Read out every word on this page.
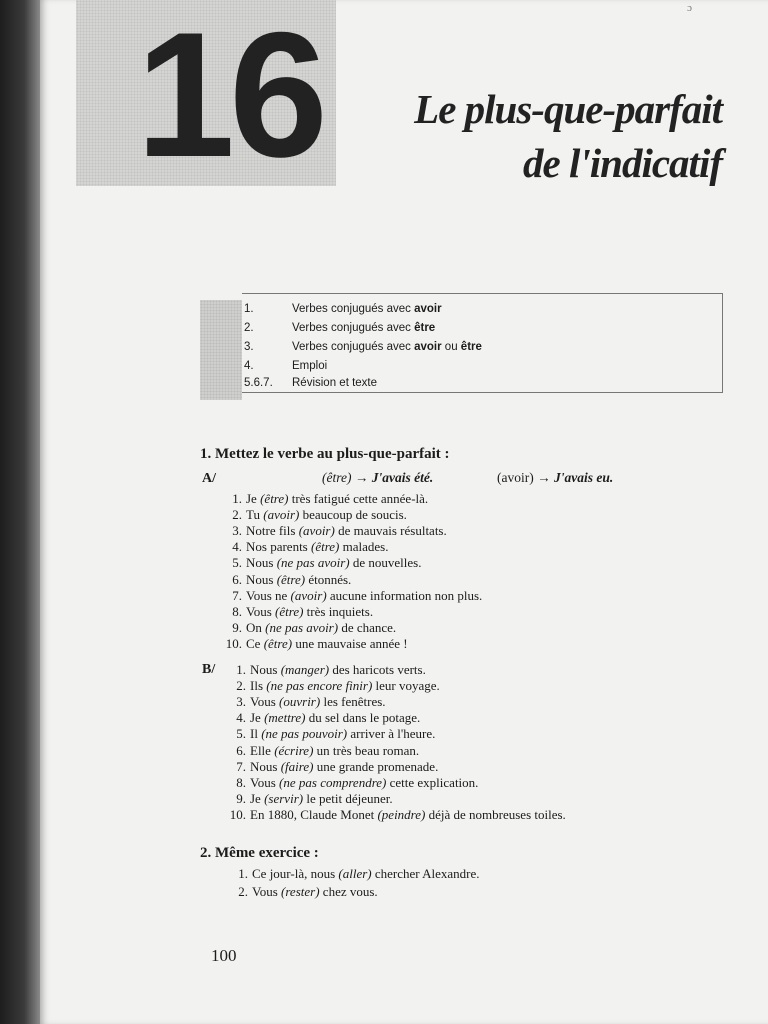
16	ɔ
Le plus-que-parfait
de l'indicatif
1.	Verbes conjugués avec avoir
2.	Verbes conjugués avec être
3.	Verbes conjugués avec avoir ou être
4.	Emploi
5.6.7. Révision et texte
1. Mettez le verbe au plus-que-parfait :
A/	(être) → J'avais été.	(avoir) → J'avais eu.
1. Je (être) très fatigué cette année-là.
2. Tu (avoir) beaucoup de soucis.
3. Notre fils (avoir) de mauvais résultats.
4. Nos parents (être) malades.
5. Nous (ne pas avoir) de nouvelles.
6. Nous (être) étonnés.
7. Vous ne (avoir) aucune information non plus.
8. Vous (être) très inquiets.
9. On (ne pas avoir) de chance.
10. Ce (être) une mauvaise année !
B/	1. Nous (manger) des haricots verts.
2. Ils (ne pas encore finir) leur voyage.
3. Vous (ouvrir) les fenêtres.
4. Je (mettre) du sel dans le potage.
5. Il (ne pas pouvoir) arriver à l'heure.
6. Elle (écrire) un très beau roman.
7. Nous (faire) une grande promenade.
8. Vous (ne pas comprendre) cette explication.
9. Je (servir) le petit déjeuner.
10. En 1880, Claude Monet (peindre) déjà de nombreuses toiles.
2. Même exercice :
1. Ce jour-là, nous (aller) chercher Alexandre.
2. Vous (rester) chez vous.
100
